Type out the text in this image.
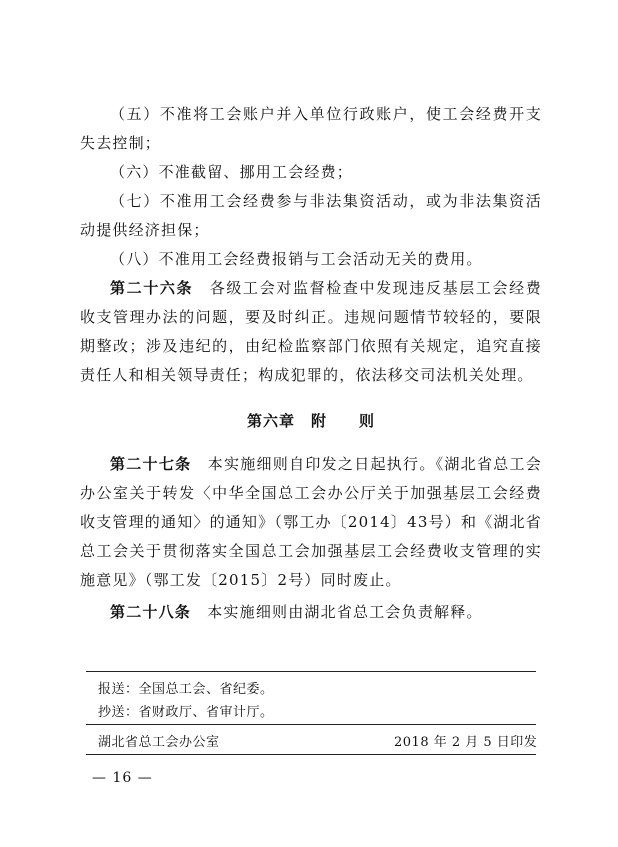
（五）不准将工会账户并入单位行政账户，使工会经费开支失去控制；

（六）不准截留、挪用工会经费；

（七）不准用工会经费参与非法集资活动，或为非法集资活动提供经济担保；

（八）不准用工会经费报销与工会活动无关的费用。

第二十六条　 各级工会对监督检查中发现违反基层工会经费收支管理办法的问题，要及时纠正。违规问题情节较轻的，要限期整改；涉及违纪的，由纪检监察部门依照有关规定，追究直接责任人和相关领导责任；构成犯罪的，依法移交司法机关处理。

第六章　附　　则

第二十七条　 本实施细则自印发之日起执行。《湖北省总工会办公室关于转发〈中华全国总工会办公厅关于加强基层工会经费收支管理的通知〉的通知》（鄂工办〔2014〕43号）和《湖北省总工会关于贯彻落实全国总工会加强基层工会经费收支管理的实施意见》（鄂工发〔2015〕2号）同时废止。

第二十八条　 本实施细则由湖北省总工会负责解释。

报送：全国总工会、省纪委。
抄送：省财政厅、省审计厅。
湖北省总工会办公室	2018 年 2 月 5 日印发
— 16 —
